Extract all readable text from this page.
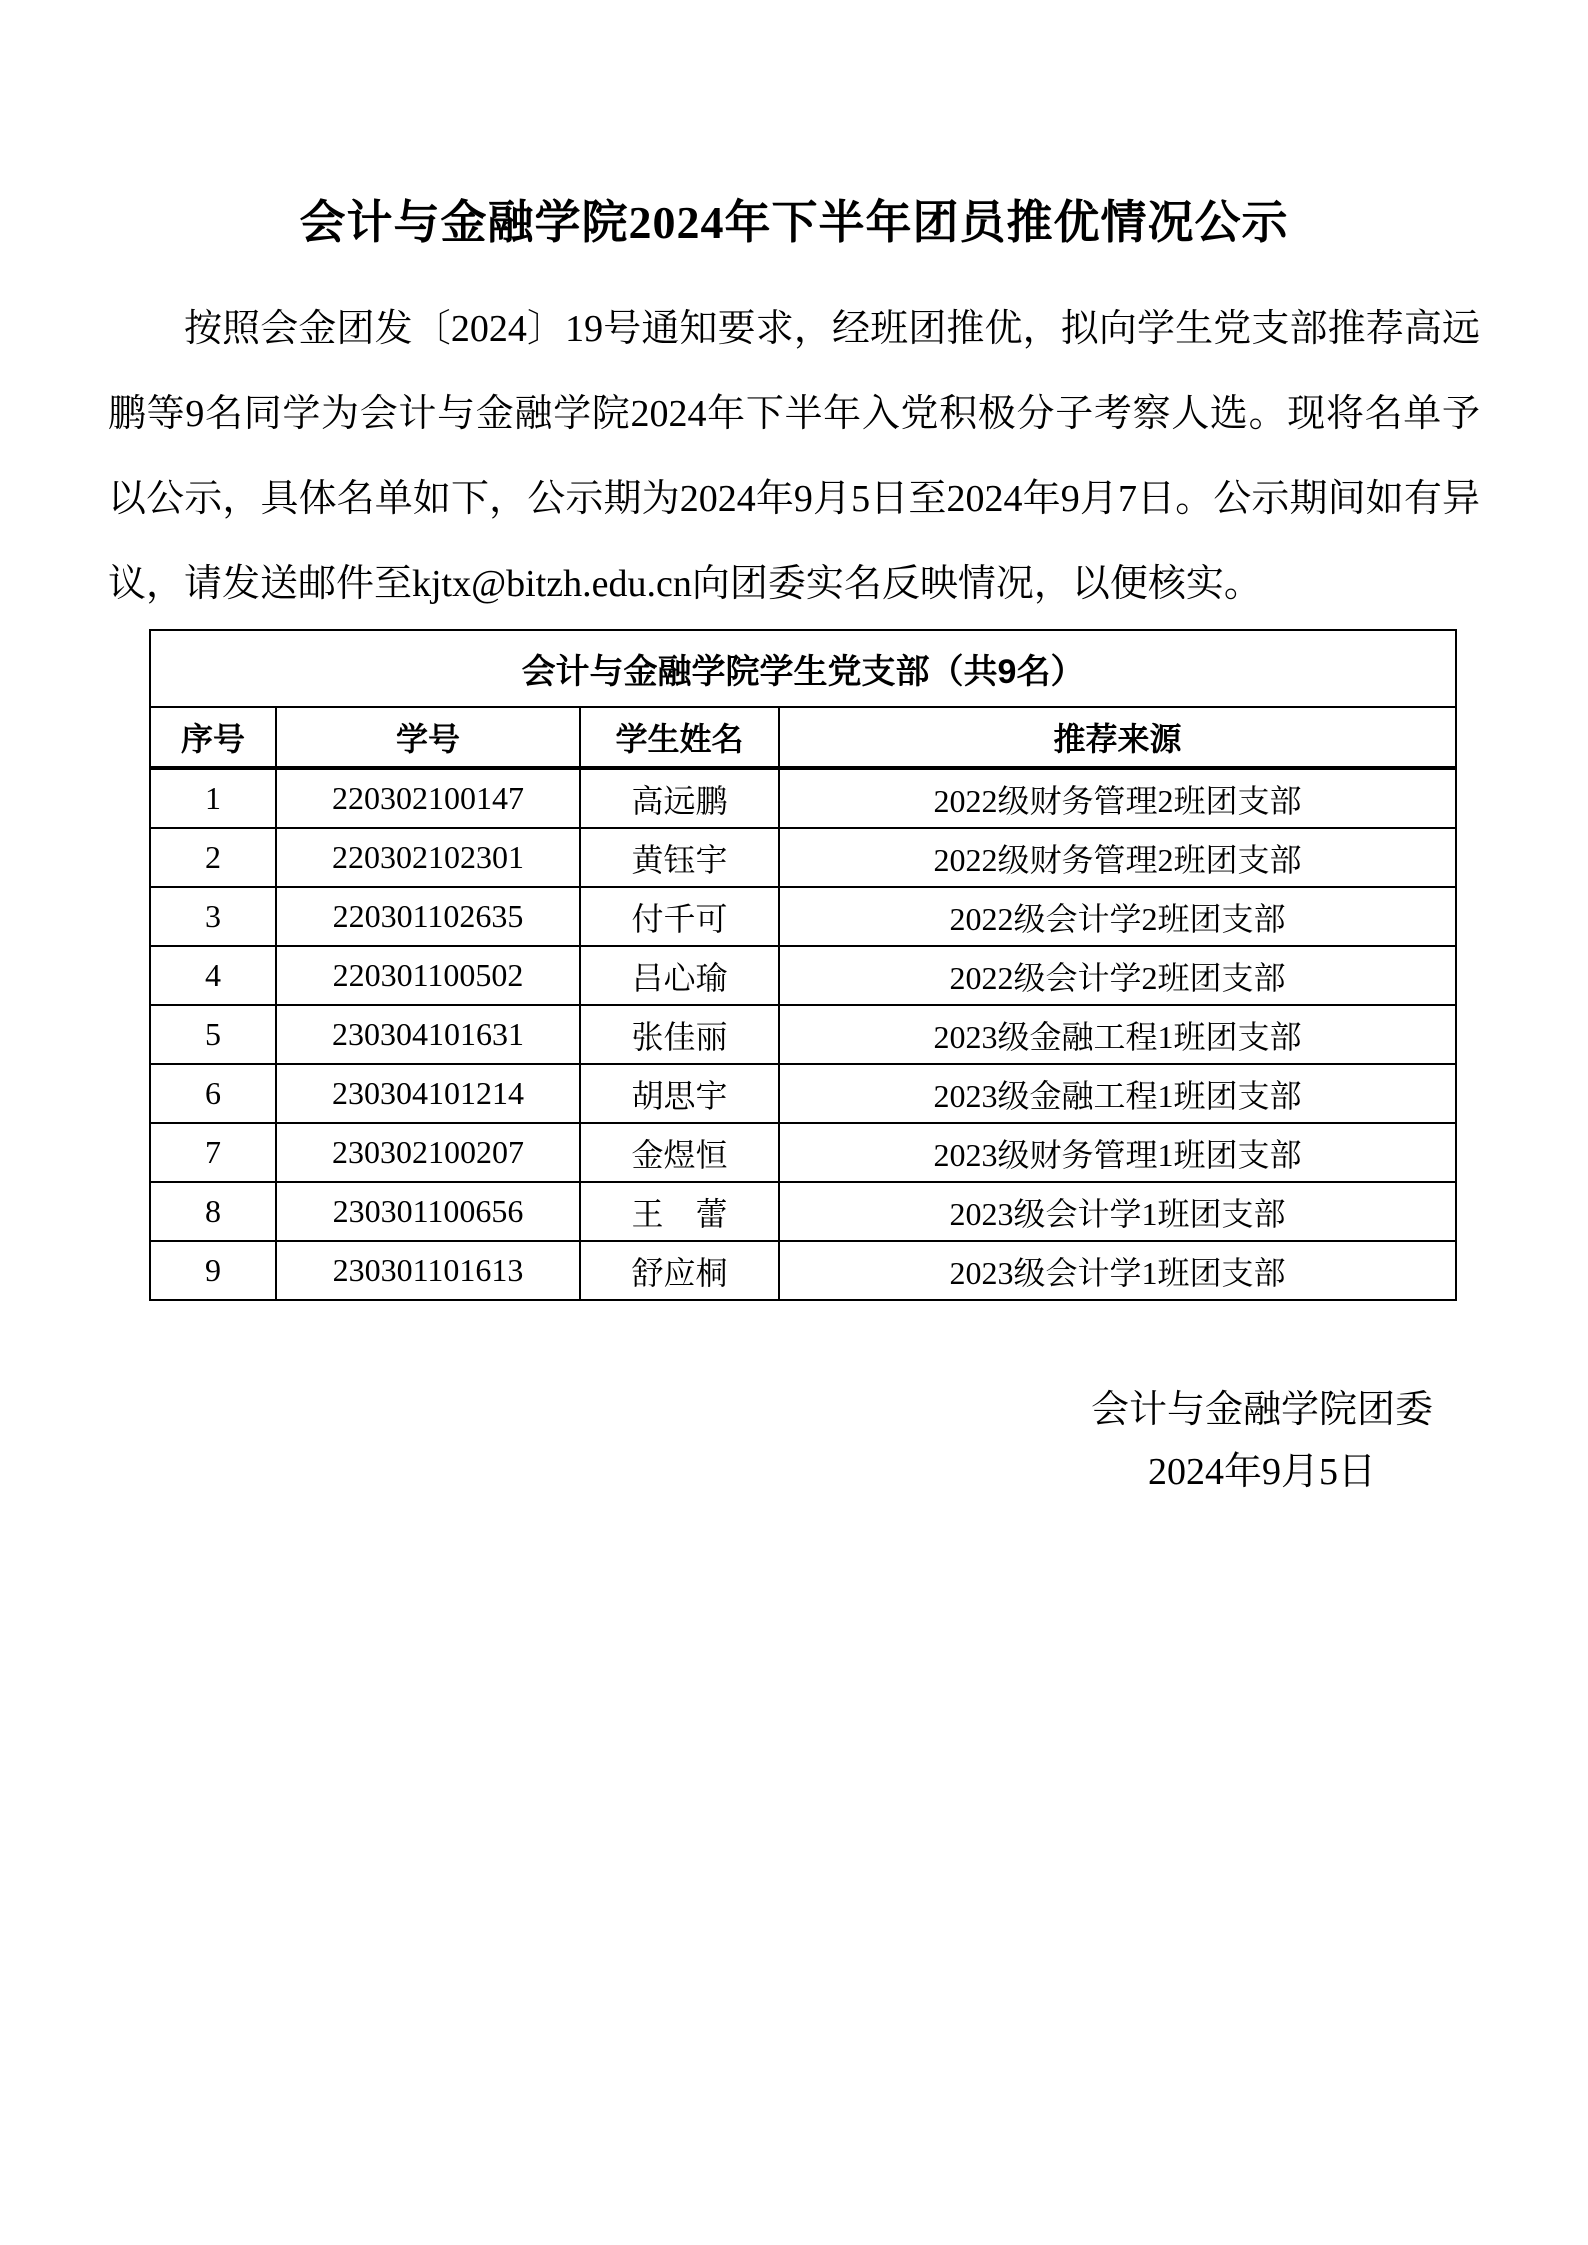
会计与金融学院2024年下半年团员推优情况公示

按照会金团发〔2024〕19号通知要求，经班团推优，拟向学生党支部推荐高远鹏等9名同学为会计与金融学院2024年下半年入党积极分子考察人选。现将名单予以公示，具体名单如下，公示期为2024年9月5日至2024年9月7日。公示期间如有异议，请发送邮件至kjtx@bitzh.edu.cn向团委实名反映情况，以便核实。

会计与金融学院学生党支部（共9名）			
序号	学号	学生姓名	推荐来源
1	220302100147	高远鹏	2022级财务管理2班团支部
2	220302102301	黄钰宇	2022级财务管理2班团支部
3	220301102635	付千可	2022级会计学2班团支部
4	220301100502	吕心瑜	2022级会计学2班团支部
5	230304101631	张佳丽	2023级金融工程1班团支部
6	230304101214	胡思宇	2023级金融工程1班团支部
7	230302100207	金煜恒	2023级财务管理1班团支部
8	230301100656	王　蕾	2023级会计学1班团支部
9	230301101613	舒应桐	2023级会计学1班团支部
会计与金融学院团委
2024年9月5日
